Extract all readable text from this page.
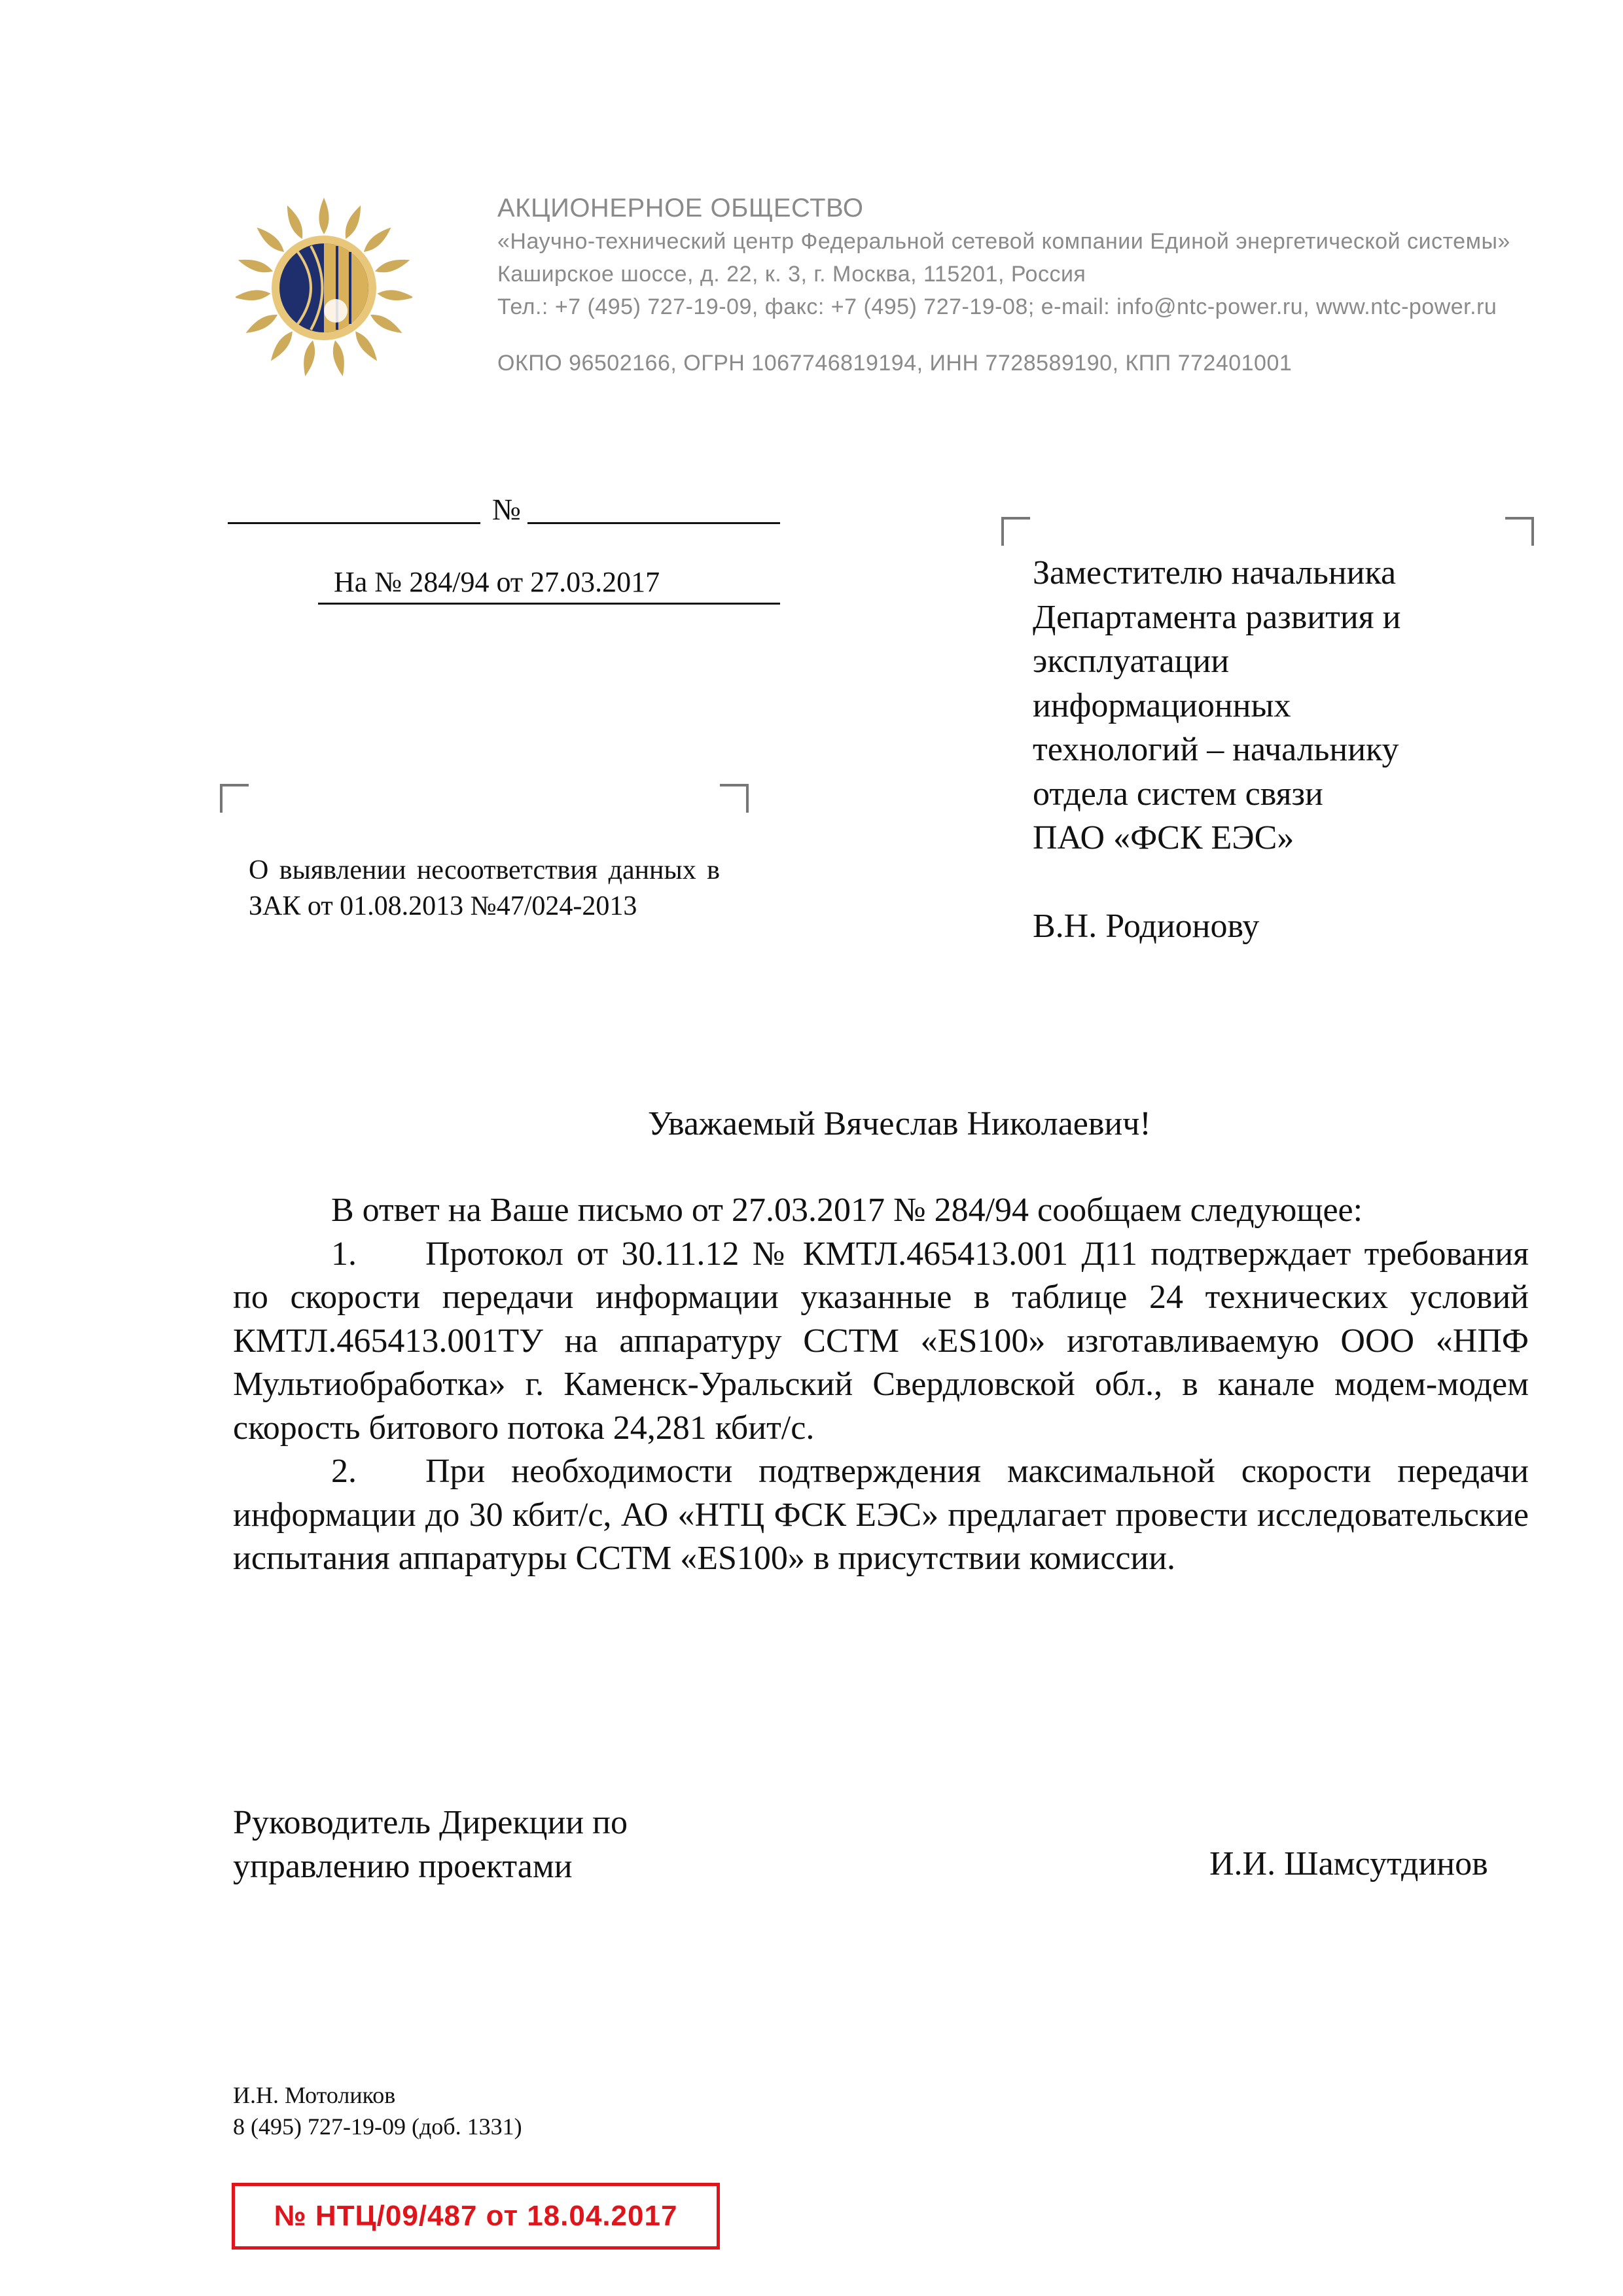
АКЦИОНЕРНОЕ ОБЩЕСТВО
«Научно-технический центр Федеральной сетевой компании Единой энергетической системы»
Каширское шоссе, д. 22, к. 3, г. Москва, 115201, Россия
Тел.: +7 (495) 727-19-09, факс: +7 (495) 727-19-08; e-mail: info@ntc-power.ru, www.ntc-power.ru
ОКПО 96502166, ОГРН 1067746819194, ИНН 7728589190, КПП 772401001
№
На № 284/94 от 27.03.2017	Заместителю начальника
Департамента развития и
эксплуатации
информационных
технологий – начальнику
отдела систем связи
ПАО «ФСК ЕЭС»
В.Н. Родионову
О выявлении несоответствия данных в ЗАК от 01.08.2013 №47/024-2013
Уважаемый Вячеслав Николаевич!

В ответ на Ваше письмо от 27.03.2017 № 284/94 сообщаем следующее:

1. Протокол от 30.11.12 № КМТЛ.465413.001 Д11 подтверждает требования по скорости передачи информации указанные в таблице 24 технических условий КМТЛ.465413.001ТУ на аппаратуру ССТМ «ES100» изготавливаемую ООО «НПФ Мультиобработка» г. Каменск-Уральский Свердловской обл., в канале модем-модем скорость битового потока 24,281 кбит/с.

2. При необходимости подтверждения максимальной скорости передачи информации до 30 кбит/с, АО «НТЦ ФСК ЕЭС» предлагает провести исследовательские испытания аппаратуры ССТМ «ES100» в присутствии комиссии.

Руководитель Дирекции по
управлению проектами	И.И. Шамсутдинов
И.Н. Мотоликов
8 (495) 727-19-09 (доб. 1331)
№ НТЦ/09/487 от 18.04.2017
